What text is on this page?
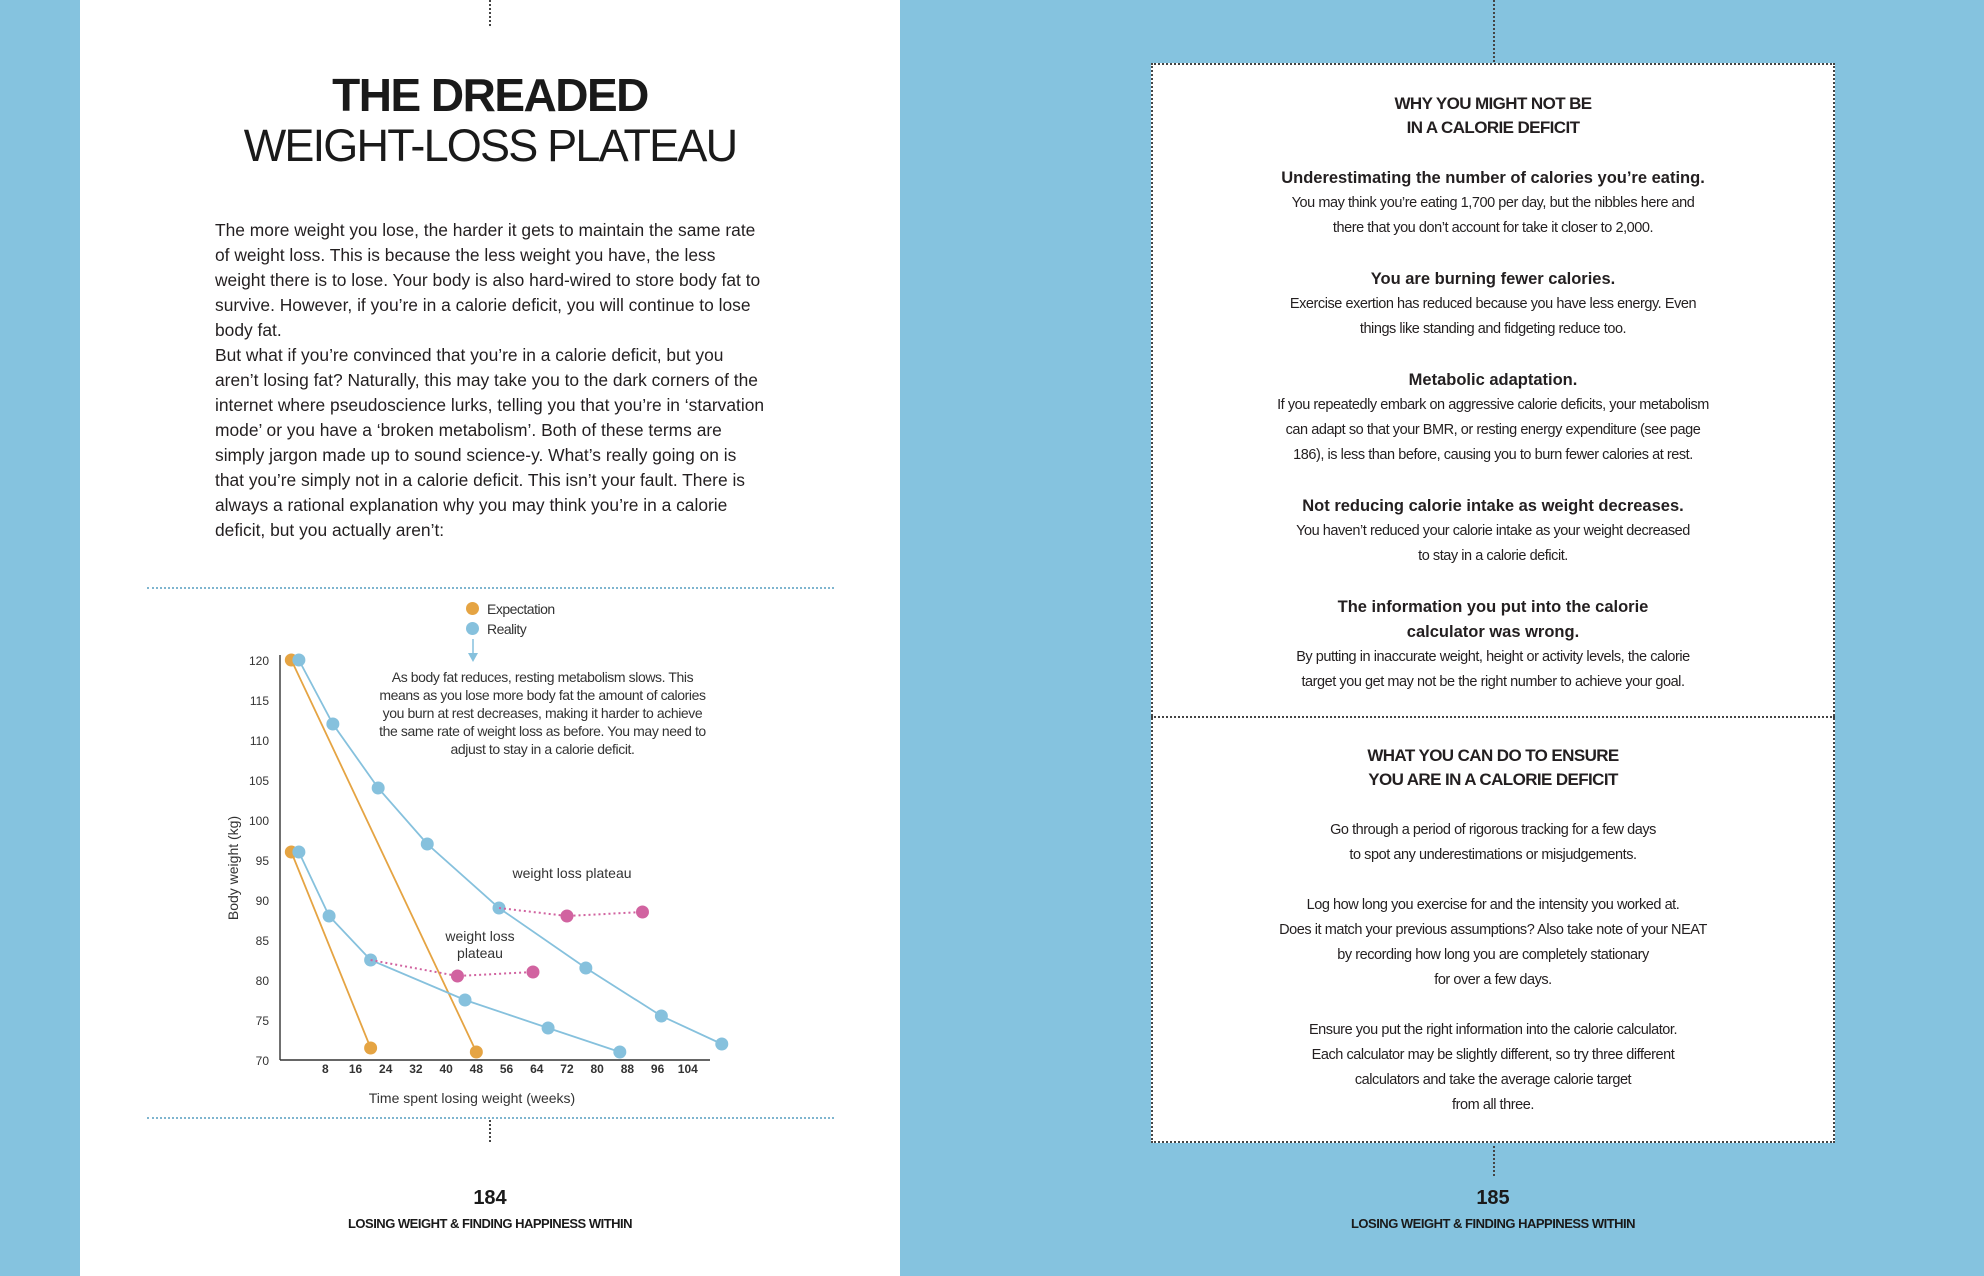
THE DREADED
WEIGHT-LOSS PLATEAU

The more weight you lose, the harder it gets to maintain the same rate of weight loss. This is because the less weight you have, the less weight there is to lose. Your body is also hard-wired to store body fat to survive. However, if you’re in a calorie deficit, you will continue to lose body fat.

But what if you’re convinced that you’re in a calorie deficit, but you aren’t losing fat? Naturally, this may take you to the dark corners of the internet where pseudoscience lurks, telling you that you’re in ‘starvation mode’ or you have a ‘broken metabolism’. Both of these terms are simply jargon made up to sound science-y. What’s really going on is that you’re simply not in a calorie deficit. This isn’t your fault. There is always a rational explanation why you may think you’re in a calorie deficit, but you actually aren’t:

Expectation
Reality

As body fat reduces, resting metabolism slows. This means as you lose more body fat the amount of calories you burn at rest decreases, making it harder to achieve the same rate of weight loss as before. You may need to adjust to stay in a calorie deficit.

70
75
80
85
90
95
100
105
110
115
120
8 16 24 32 40 48 56 64 72 80 88 96 104
Time spent losing weight (weeks)
Body weight (kg)	weight loss plateau
weight loss
plateau
184
LOSING WEIGHT & FINDING HAPPINESS WITHIN
WHY YOU MIGHT NOT BE
IN A CALORIE DEFICIT
Underestimating the number of calories you’re eating.
You may think you’re eating 1,700 per day, but the nibbles here and
there that you don’t account for take it closer to 2,000.
You are burning fewer calories.
Exercise exertion has reduced because you have less energy. Even
things like standing and fidgeting reduce too.
Metabolic adaptation.
If you repeatedly embark on aggressive calorie deficits, your metabolism
can adapt so that your BMR, or resting energy expenditure (see page
186), is less than before, causing you to burn fewer calories at rest.
Not reducing calorie intake as weight decreases.
You haven’t reduced your calorie intake as your weight decreased
to stay in a calorie deficit.
The information you put into the calorie
calculator was wrong.
By putting in inaccurate weight, height or activity levels, the calorie
target you get may not be the right number to achieve your goal.
WHAT YOU CAN DO TO ENSURE
YOU ARE IN A CALORIE DEFICIT
Go through a period of rigorous tracking for a few days
to spot any underestimations or misjudgements.
Log how long you exercise for and the intensity you worked at.
Does it match your previous assumptions? Also take note of your NEAT
by recording how long you are completely stationary
for over a few days.
Ensure you put the right information into the calorie calculator.
Each calculator may be slightly different, so try three different
calculators and take the average calorie target
from all three.
185
LOSING WEIGHT & FINDING HAPPINESS WITHIN
